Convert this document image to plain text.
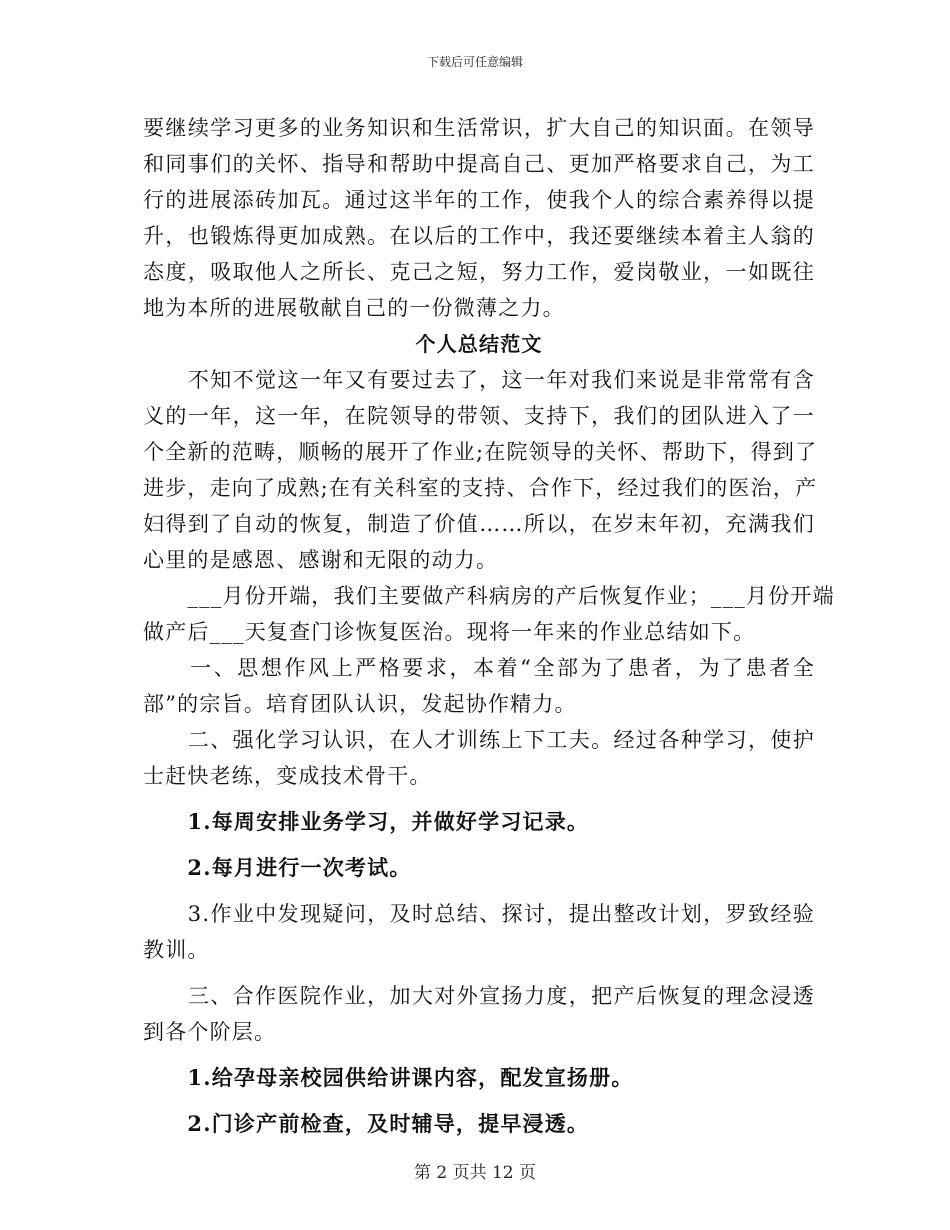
下载后可任意编辑
要继续学习更多的业务知识和生活常识，扩大自己的知识面。在领导
和同事们的关怀、指导和帮助中提高自己、更加严格要求自己，为工
行的进展添砖加瓦。通过这半年的工作，使我个人的综合素养得以提
升，也锻炼得更加成熟。在以后的工作中，我还要继续本着主人翁的
态度，吸取他人之所长、克己之短，努力工作，爱岗敬业，一如既往
地为本所的进展敬献自己的一份微薄之力。
个人总结范文
　　不知不觉这一年又有要过去了，这一年对我们来说是非常常有含
义的一年，这一年，在院领导的带领、支持下，我们的团队进入了一
个全新的范畴，顺畅的展开了作业;在院领导的关怀、帮助下，得到了
进步，走向了成熟;在有关科室的支持、合作下，经过我们的医治，产
妇得到了自动的恢复，制造了价值……所以，在岁末年初，充满我们
心里的是感恩、感谢和无限的动力。
　　___月份开端，我们主要做产科病房的产后恢复作业；___月份开端
做产后___天复查门诊恢复医治。现将一年来的作业总结如下。
　　一、思想作风上严格要求，本着“全部为了患者，为了患者全
部”的宗旨。培育团队认识，发起协作精力。
　　二、强化学习认识，在人才训练上下工夫。经过各种学习，使护
士赶快老练，变成技术骨干。
　　1.每周安排业务学习，并做好学习记录。
　　2.每月进行一次考试。
　　3.作业中发现疑问，及时总结、探讨，提出整改计划，罗致经验
教训。
　　三、合作医院作业，加大对外宣扬力度，把产后恢复的理念浸透
到各个阶层。
　　1.给孕母亲校园供给讲课内容，配发宣扬册。
　　2.门诊产前检查，及时辅导，提早浸透。
第 2 页共 12 页
